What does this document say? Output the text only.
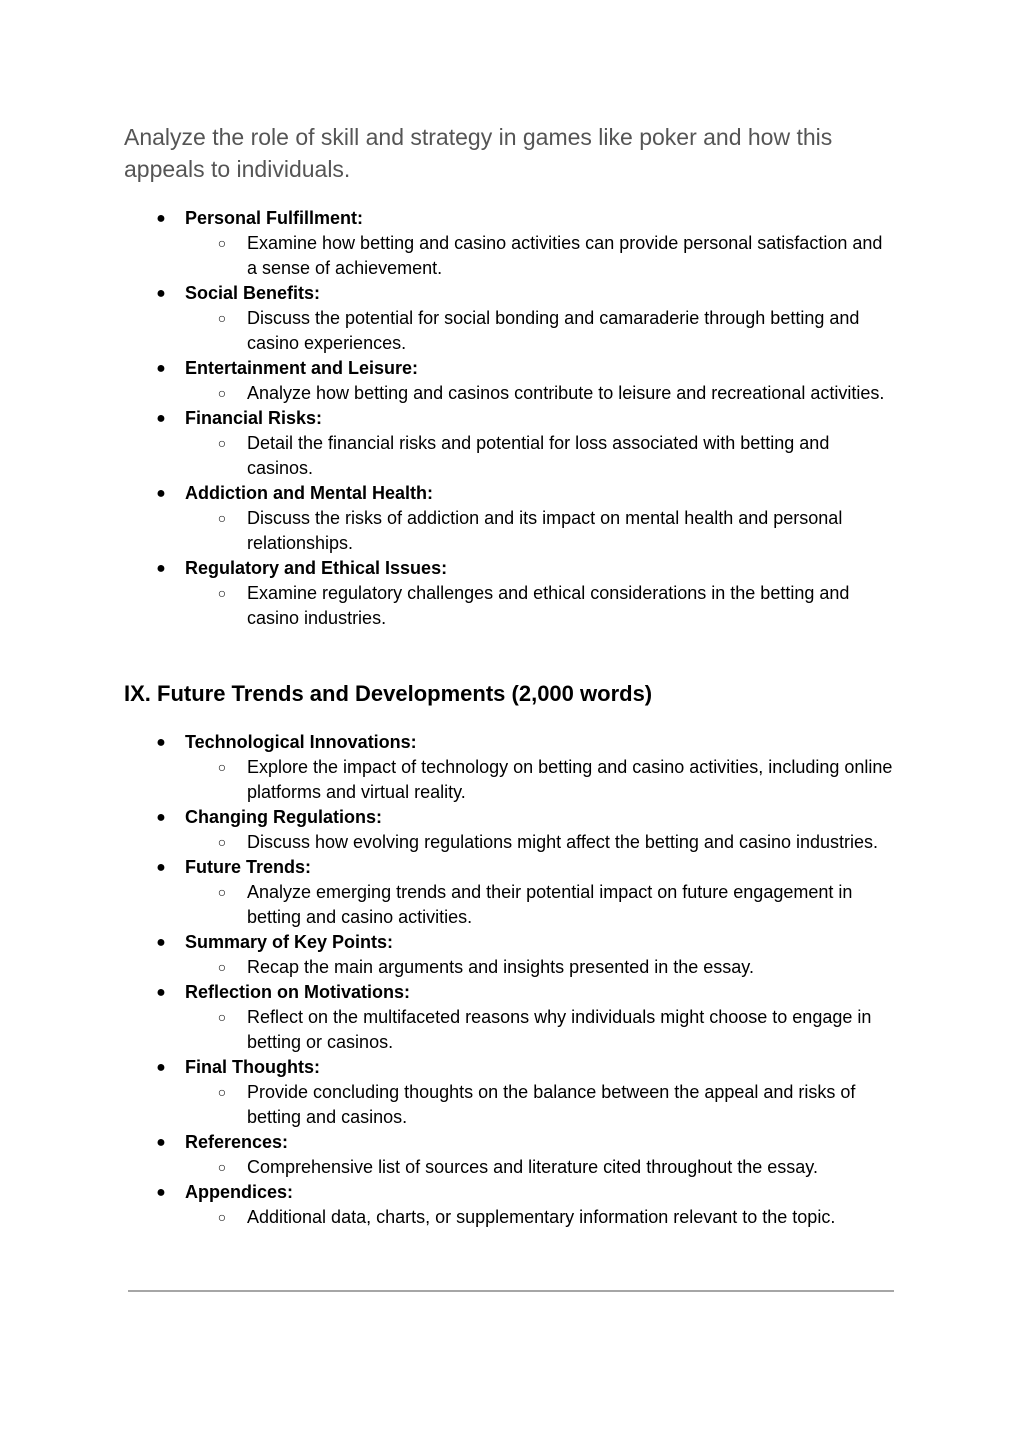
Analyze the role of skill and strategy in games like poker and how this appeals to individuals.

● Personal Fulfillment:
○ Examine how betting and casino activities can provide personal satisfaction and a sense of achievement.
● Social Benefits:
○ Discuss the potential for social bonding and camaraderie through betting and casino experiences.
● Entertainment and Leisure:
○ Analyze how betting and casinos contribute to leisure and recreational activities.
● Financial Risks:
○ Detail the financial risks and potential for loss associated with betting and casinos.
● Addiction and Mental Health:
○ Discuss the risks of addiction and its impact on mental health and personal relationships.
● Regulatory and Ethical Issues:
○ Examine regulatory challenges and ethical considerations in the betting and casino industries.
IX. Future Trends and Developments (2,000 words)
● Technological Innovations:
○ Explore the impact of technology on betting and casino activities, including online platforms and virtual reality.
● Changing Regulations:
○ Discuss how evolving regulations might affect the betting and casino industries.
● Future Trends:
○ Analyze emerging trends and their potential impact on future engagement in betting and casino activities.
● Summary of Key Points:
○ Recap the main arguments and insights presented in the essay.
● Reflection on Motivations:
○ Reflect on the multifaceted reasons why individuals might choose to engage in betting or casinos.
● Final Thoughts:
○ Provide concluding thoughts on the balance between the appeal and risks of betting and casinos.
● References:
○ Comprehensive list of sources and literature cited throughout the essay.
● Appendices:
○ Additional data, charts, or supplementary information relevant to the topic.
